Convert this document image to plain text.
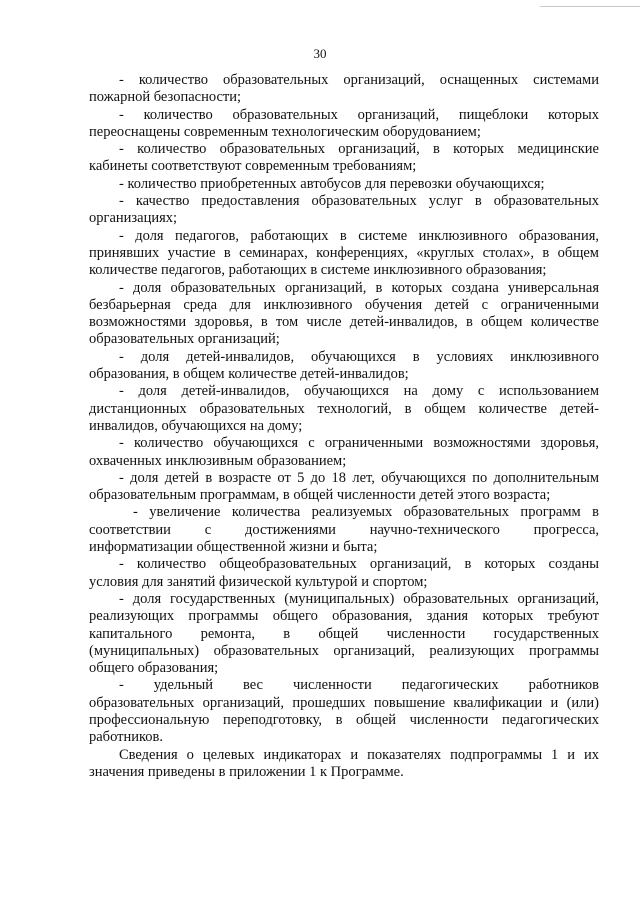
30
- количество образовательных организаций, оснащенных системами
пожарной безопасности;
- количество образовательных организаций, пищеблоки которых
переоснащены современным технологическим оборудованием;
- количество образовательных организаций, в которых медицинские
кабинеты соответствуют современным требованиям;
- количество приобретенных автобусов для перевозки обучающихся;
- качество предоставления образовательных услуг в образовательных
организациях;
- доля педагогов, работающих в системе инклюзивного образования,
принявших участие в семинарах, конференциях, «круглых столах», в общем
количестве педагогов, работающих в системе инклюзивного образования;
- доля образовательных организаций, в которых создана универсальная
безбарьерная среда для инклюзивного обучения детей с ограниченными
возможностями здоровья, в том числе детей-инвалидов, в общем количестве
образовательных организаций;
- доля детей-инвалидов, обучающихся в условиях инклюзивного
образования, в общем количестве детей-инвалидов;
- доля детей-инвалидов, обучающихся на дому с использованием
дистанционных образовательных технологий, в общем количестве детей-
инвалидов, обучающихся на дому;
- количество обучающихся с ограниченными возможностями здоровья,
охваченных инклюзивным образованием;
- доля детей в возрасте от 5 до 18 лет, обучающихся по дополнительным
образовательным программам, в общей численности детей этого возраста;
- увеличение количества реализуемых образовательных программ в
соответствии с достижениями научно-технического прогресса,
информатизации общественной жизни и быта;
- количество общеобразовательных организаций, в которых созданы
условия для занятий физической культурой и спортом;
- доля государственных (муниципальных) образовательных организаций,
реализующих программы общего образования, здания которых требуют
капитального ремонта, в общей численности государственных
(муниципальных) образовательных организаций, реализующих программы
общего образования;
- удельный вес численности педагогических работников
образовательных организаций, прошедших повышение квалификации и (или)
профессиональную переподготовку, в общей численности педагогических
работников.
Сведения о целевых индикаторах и показателях подпрограммы 1 и их
значения приведены в приложении 1 к Программе.
